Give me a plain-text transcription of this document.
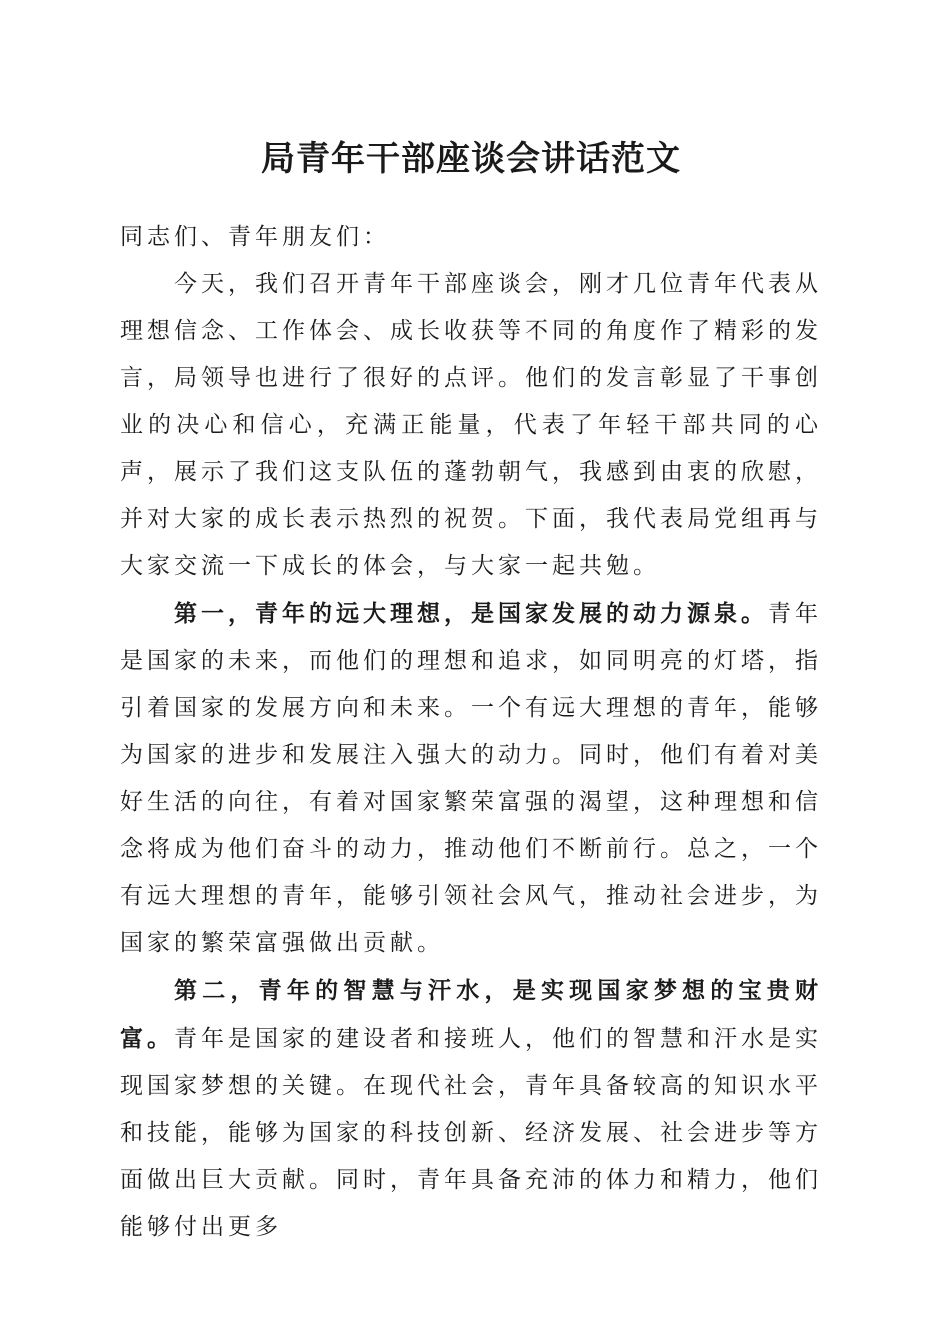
局青年干部座谈会讲话范文

同志们、青年朋友们：

今天，我们召开青年干部座谈会，刚才几位青年代表从理想信念、工作体会、成长收获等不同的角度作了精彩的发言，局领导也进行了很好的点评。他们的发言彰显了干事创业的决心和信心，充满正能量，代表了年轻干部共同的心声，展示了我们这支队伍的蓬勃朝气，我感到由衷的欣慰，并对大家的成长表示热烈的祝贺。下面，我代表局党组再与大家交流一下成长的体会，与大家一起共勉。

第一，青年的远大理想，是国家发展的动力源泉。青年是国家的未来，而他们的理想和追求，如同明亮的灯塔，指引着国家的发展方向和未来。一个有远大理想的青年，能够为国家的进步和发展注入强大的动力。同时，他们有着对美好生活的向往，有着对国家繁荣富强的渴望，这种理想和信念将成为他们奋斗的动力，推动他们不断前行。总之，一个有远大理想的青年，能够引领社会风气，推动社会进步，为国家的繁荣富强做出贡献。

第二，青年的智慧与汗水，是实现国家梦想的宝贵财富。青年是国家的建设者和接班人，他们的智慧和汗水是实现国家梦想的关键。在现代社会，青年具备较高的知识水平和技能，能够为国家的科技创新、经济发展、社会进步等方面做出巨大贡献。同时，青年具备充沛的体力和精力，他们能够付出更多
